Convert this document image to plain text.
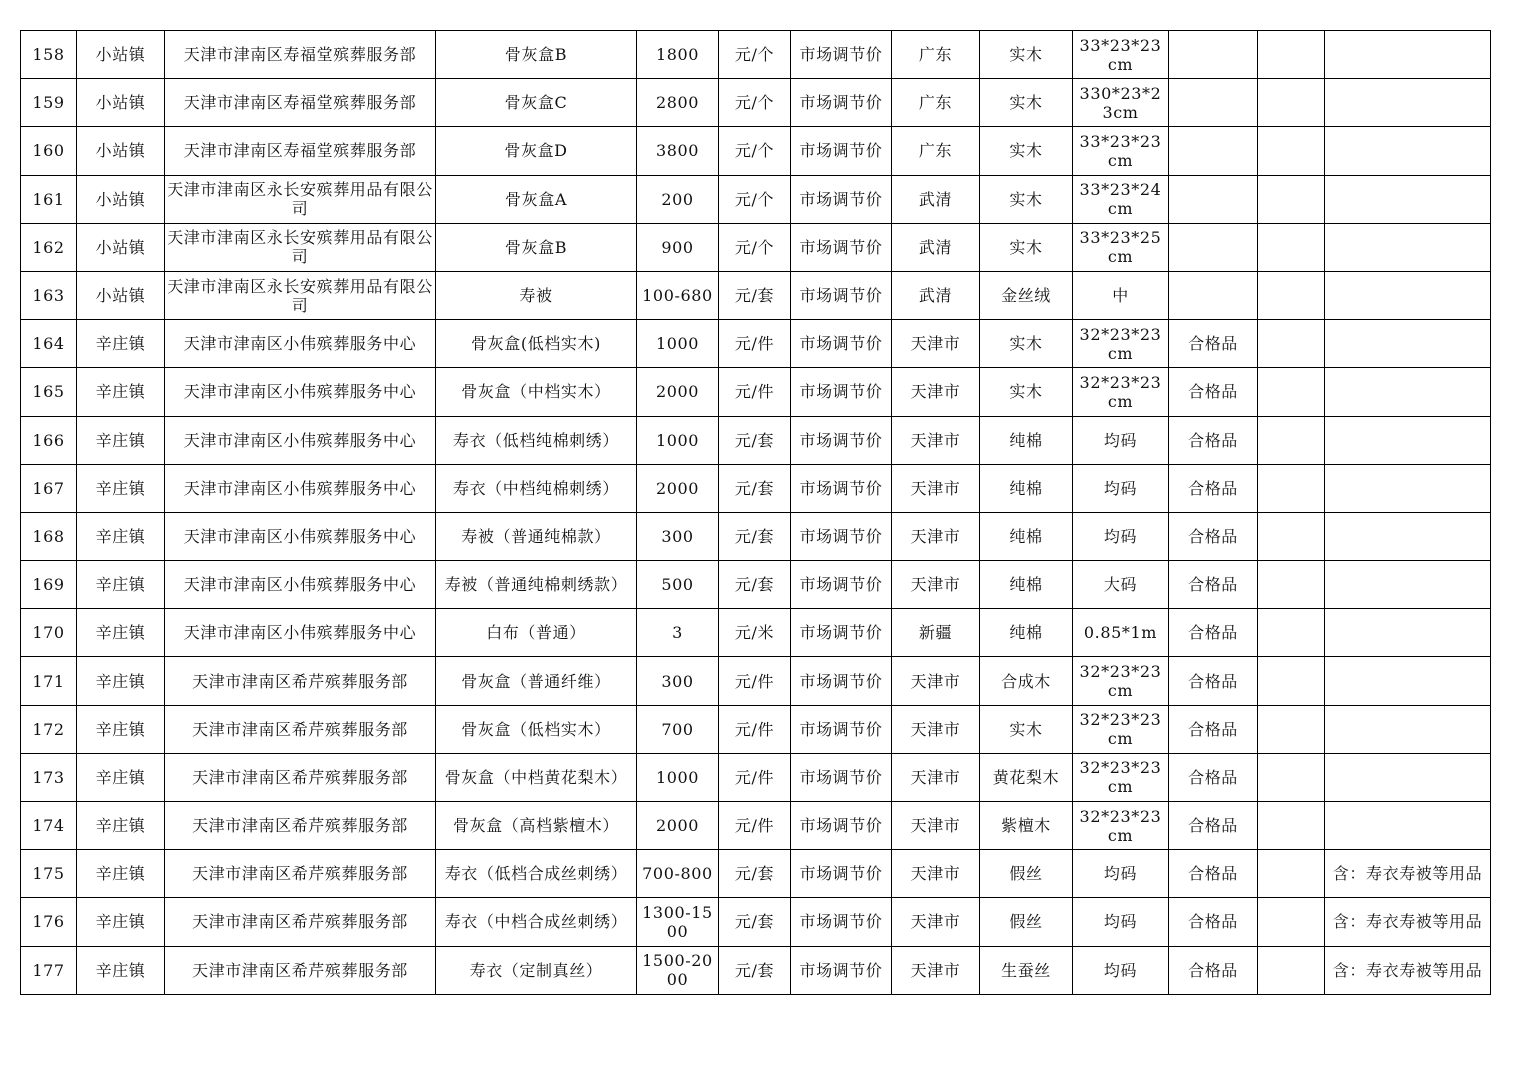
158	小站镇	天津市津南区寿福堂殡葬服务部	骨灰盒B	1800	元/个	市场调节价	广东	实木	33*23*23cm			
159	小站镇	天津市津南区寿福堂殡葬服务部	骨灰盒C	2800	元/个	市场调节价	广东	实木	330*23*23cm			
160	小站镇	天津市津南区寿福堂殡葬服务部	骨灰盒D	3800	元/个	市场调节价	广东	实木	33*23*23cm			
161	小站镇	天津市津南区永长安殡葬用品有限公司	骨灰盒A	200	元/个	市场调节价	武清	实木	33*23*24cm			
162	小站镇	天津市津南区永长安殡葬用品有限公司	骨灰盒B	900	元/个	市场调节价	武清	实木	33*23*25cm			
163	小站镇	天津市津南区永长安殡葬用品有限公司	寿被	100-680	元/套	市场调节价	武清	金丝绒	中			
164	辛庄镇	天津市津南区小伟殡葬服务中心	骨灰盒(低档实木)	1000	元/件	市场调节价	天津市	实木	32*23*23cm	合格品		
165	辛庄镇	天津市津南区小伟殡葬服务中心	骨灰盒（中档实木）	2000	元/件	市场调节价	天津市	实木	32*23*23cm	合格品		
166	辛庄镇	天津市津南区小伟殡葬服务中心	寿衣（低档纯棉刺绣）	1000	元/套	市场调节价	天津市	纯棉	均码	合格品		
167	辛庄镇	天津市津南区小伟殡葬服务中心	寿衣（中档纯棉刺绣）	2000	元/套	市场调节价	天津市	纯棉	均码	合格品		
168	辛庄镇	天津市津南区小伟殡葬服务中心	寿被（普通纯棉款）	300	元/套	市场调节价	天津市	纯棉	均码	合格品		
169	辛庄镇	天津市津南区小伟殡葬服务中心	寿被（普通纯棉刺绣款）	500	元/套	市场调节价	天津市	纯棉	大码	合格品		
170	辛庄镇	天津市津南区小伟殡葬服务中心	白布（普通）	3	元/米	市场调节价	新疆	纯棉	0.85*1m	合格品		
171	辛庄镇	天津市津南区希芹殡葬服务部	骨灰盒（普通纤维）	300	元/件	市场调节价	天津市	合成木	32*23*23cm	合格品		
172	辛庄镇	天津市津南区希芹殡葬服务部	骨灰盒（低档实木）	700	元/件	市场调节价	天津市	实木	32*23*23cm	合格品		
173	辛庄镇	天津市津南区希芹殡葬服务部	骨灰盒（中档黄花梨木）	1000	元/件	市场调节价	天津市	黄花梨木	32*23*23cm	合格品		
174	辛庄镇	天津市津南区希芹殡葬服务部	骨灰盒（高档紫檀木）	2000	元/件	市场调节价	天津市	紫檀木	32*23*23cm	合格品		
175	辛庄镇	天津市津南区希芹殡葬服务部	寿衣（低档合成丝刺绣）	700-800	元/套	市场调节价	天津市	假丝	均码	合格品		含：寿衣寿被等用品
176	辛庄镇	天津市津南区希芹殡葬服务部	寿衣（中档合成丝刺绣）	1300-1500	元/套	市场调节价	天津市	假丝	均码	合格品		含：寿衣寿被等用品
177	辛庄镇	天津市津南区希芹殡葬服务部	寿衣（定制真丝）	1500-2000	元/套	市场调节价	天津市	生蚕丝	均码	合格品		含：寿衣寿被等用品
